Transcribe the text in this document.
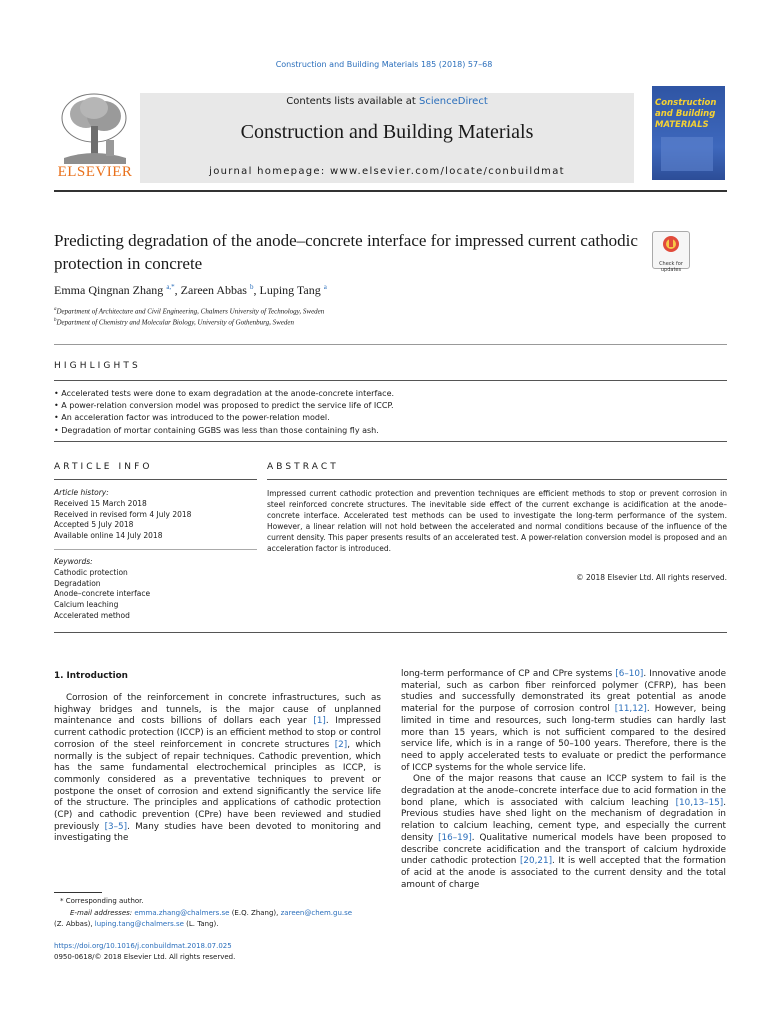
Construction and Building Materials 185 (2018) 57–68
Contents lists available at ScienceDirect
Construction and Building Materials
journal homepage: www.elsevier.com/locate/conbuildmat
ELSEVIER
Construction
and Building
MATERIALS
Predicting degradation of the anode–concrete interface for impressed current cathodic protection in concrete	Check for
updates
Emma Qingnan Zhang $^{a,*}$, Zareen Abbas $^b$, Luping Tang $^a$
$^a$Department of Architecture and Civil Engineering, Chalmers University of Technology, Sweden
$^b$Department of Chemistry and Molecular Biology, University of Gothenburg, Sweden
HIGHLIGHTS
• Accelerated tests were done to exam degradation at the anode-concrete interface.
• A power-relation conversion model was proposed to predict the service life of ICCP.
• An acceleration factor was introduced to the power-relation model.
• Degradation of mortar containing GGBS was less than those containing fly ash.
ARTICLE INFO	ABSTRACT
Article history:
Received 15 March 2018
Received in revised form 4 July 2018
Accepted 5 July 2018
Available online 14 July 2018
Keywords:
Cathodic protection
Degradation
Anode–concrete interface
Calcium leaching
Accelerated method
Impressed current cathodic protection and prevention techniques are efficient methods to stop or prevent corrosion in steel reinforced concrete structures. The inevitable side effect of the current exchange is acidification at the anode–concrete interface. Accelerated test methods can be used to investigate the long-term performance of the system. However, a linear relation will not hold between the accelerated and normal conditions because of the influence of the current density. This paper presents results of an accelerated test. A power-relation conversion model is proposed and an acceleration factor is introduced.
© 2018 Elsevier Ltd. All rights reserved.
1. Introduction
Corrosion of the reinforcement in concrete infrastructures, such as highway bridges and tunnels, is the major cause of unplanned maintenance and costs billions of dollars each year [1]. Impressed current cathodic protection (ICCP) is an efficient method to stop or control corrosion of the steel reinforcement in concrete structures [2], which normally is the subject of repair techniques. Cathodic prevention, which has the same fundamental electrochemical principles as ICCP, is commonly considered as a preventative techniques to prevent or postpone the onset of corrosion and extend significantly the service life of the structure. The principles and applications of cathodic protection (CP) and cathodic prevention (CPre) have been reviewed and studied previously [3–5]. Many studies have been devoted to monitoring and investigating the
long-term performance of CP and CPre systems [6–10]. Innovative anode material, such as carbon fiber reinforced polymer (CFRP), has been studies and successfully demonstrated its great potential as anode material for the purpose of corrosion control [11,12]. However, being limited in time and resources, such long-term studies can hardly last more than 15 years, which is not sufficient compared to the desired service life, which is in a range of 50–100 years. Therefore, there is the need to apply accelerated tests to evaluate or predict the performance of ICCP systems for the whole service life.
One of the major reasons that cause an ICCP system to fail is the degradation at the anode–concrete interface due to acid formation in the bond plane, which is associated with calcium leaching [10,13–15]. Previous studies have shed light on the mechanism of degradation in relation to calcium leaching, cement type, and especially the current density [16–19]. Qualitative numerical models have been proposed to describe concrete acidification and the transport of calcium hydroxide under cathodic protection [20,21]. It is well accepted that the formation of acid at the anode is associated to the current density and the total amount of charge
* Corresponding author.
E-mail addresses: emma.zhang@chalmers.se (E.Q. Zhang), zareen@chem.gu.se
(Z. Abbas), luping.tang@chalmers.se (L. Tang).
https://doi.org/10.1016/j.conbuildmat.2018.07.025
0950-0618/© 2018 Elsevier Ltd. All rights reserved.
